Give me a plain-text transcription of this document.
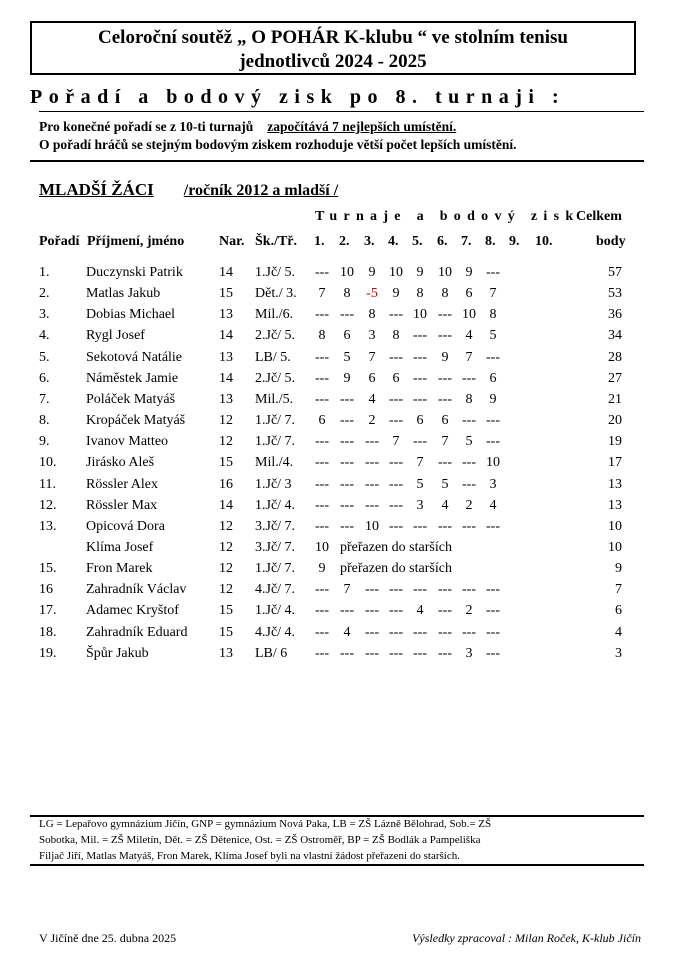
Celoroční soutěž „ O POHÁR K-klubu “ ve stolním tenisu
jednotlivců 2024 - 2025
Pořadí a bodový zisk po 8. turnaji :
Pro konečné pořadí se z 10-ti turnajů započítává 7 nejlepších umístění.
O pořadí hráčů se stejným bodovým ziskem rozhoduje větší počet lepších umístění.
MLADŠÍ ŽÁCI /ročník 2012 a mladší /
Turnaje a bodový zisk
Celkem
Pořadí Příjmení, jméno Nar. Šk./Tř. 1. 2. 3. 4. 5. 6. 7. 8. 9. 10.	body
1.	Duczynski Patrik	14 1.Jč/ 5.	--- 10	9 10 9	10 9 ---	57
2.	Matlas Jakub	15 Dět./ 3.	7	8	-5	9	8	8	6	7	53
3.	Dobias Michael	13 Mil./6.	--- ---	8 --- 10 --- 10 8	36
4.	Rygl Josef	14 2.Jč/ 5.	8	6	3	8 --- --- 4	5	34
5.	Sekotová Natálie	13 LB/ 5.	---	5	7 --- ---	9	7 ---	28
6.	Náměstek Jamie	14 2.Jč/ 5.	---	9	6	6 --- --- --- 6	27
7.	Poláček Matyáš	13 Mil./5.	--- ---	4 --- --- --- 8	9	21
8.	Kropáček Matyáš 12 1.Jč/ 7.	6	---	2 --- 6	6 --- ---	20
9.	Ivanov Matteo	12 1.Jč/ 7.	--- --- --- 7 ---	7	5 ---	19
10. Jirásko Aleš	15 Mil./4.	--- --- --- --- 7	--- --- 10	17
11. Rössler Alex	16 1.Jč/ 3	--- --- --- --- 5	5 --- 3	13
12. Rössler Max	14 1.Jč/ 4.	--- --- --- --- 3	4	2	4	13
13. Opicová Dora	12 3.Jč/ 7.	--- --- 10 --- --- --- --- ---	10
Klíma Josef	12 3.Jč/ 7.	10 přeřazen do starších	10
15. Fron Marek	12 1.Jč/ 7.	9	přeřazen do starších	9
16 Zahradník Václav 12 4.Jč/ 7.	---	7	--- --- --- --- --- ---	7
17. Adamec Kryštof	15 1.Jč/ 4.	--- --- --- --- 4	--- 2 ---	6
18. Zahradník Eduard 15 4.Jč/ 4.	---	4	--- --- --- --- --- ---	4
19. Špůr Jakub	13 LB/ 6	--- --- --- --- --- --- 3 ---	3
LG = Lepařovo gymnázium Jičín, GNP = gymnázium Nová Paka, LB = ZŠ Lázně Bělohrad, Sob.= ZŠ
Sobotka, Mil. = ZŠ Miletín, Dět. = ZŠ Dětenice, Ost. = ZŠ Ostroměř, BP = ZŠ Bodlák a Pampeliška
Filjač Jiří, Matlas Matyáš, Fron Marek, Klíma Josef byli na vlastní žádost přeřazeni do starších.
V Jičíně dne 25. dubna 2025	Výsledky zpracoval : Milan Roček, K-klub Jičín
